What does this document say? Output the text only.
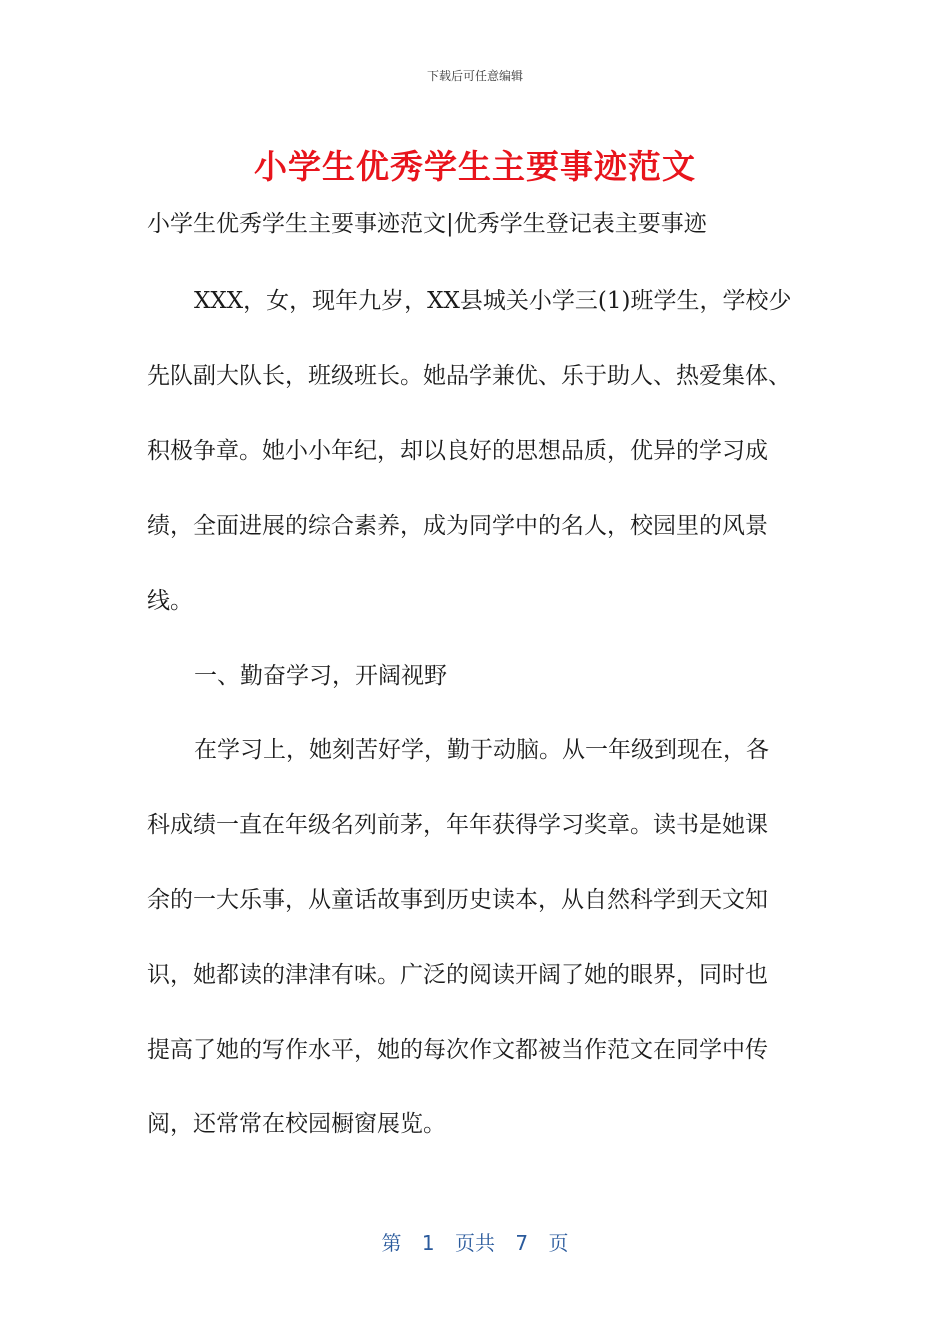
下载后可任意编辑
小学生优秀学生主要事迹范文
小学生优秀学生主要事迹范文|优秀学生登记表主要事迹
XXX，女，现年九岁，XX县城关小学三(1)班学生，学校少
先队副大队长，班级班长。她品学兼优、乐于助人、热爱集体、
积极争章。她小小年纪，却以良好的思想品质，优异的学习成
绩，全面进展的综合素养，成为同学中的名人，校园里的风景
线。
一、勤奋学习，开阔视野
在学习上，她刻苦好学，勤于动脑。从一年级到现在，各
科成绩一直在年级名列前茅，年年获得学习奖章。读书是她课
余的一大乐事，从童话故事到历史读本，从自然科学到天文知
识，她都读的津津有味。广泛的阅读开阔了她的眼界，同时也
提高了她的写作水平，她的每次作文都被当作范文在同学中传
阅，还常常在校园橱窗展览。
第 1 页共 7 页
